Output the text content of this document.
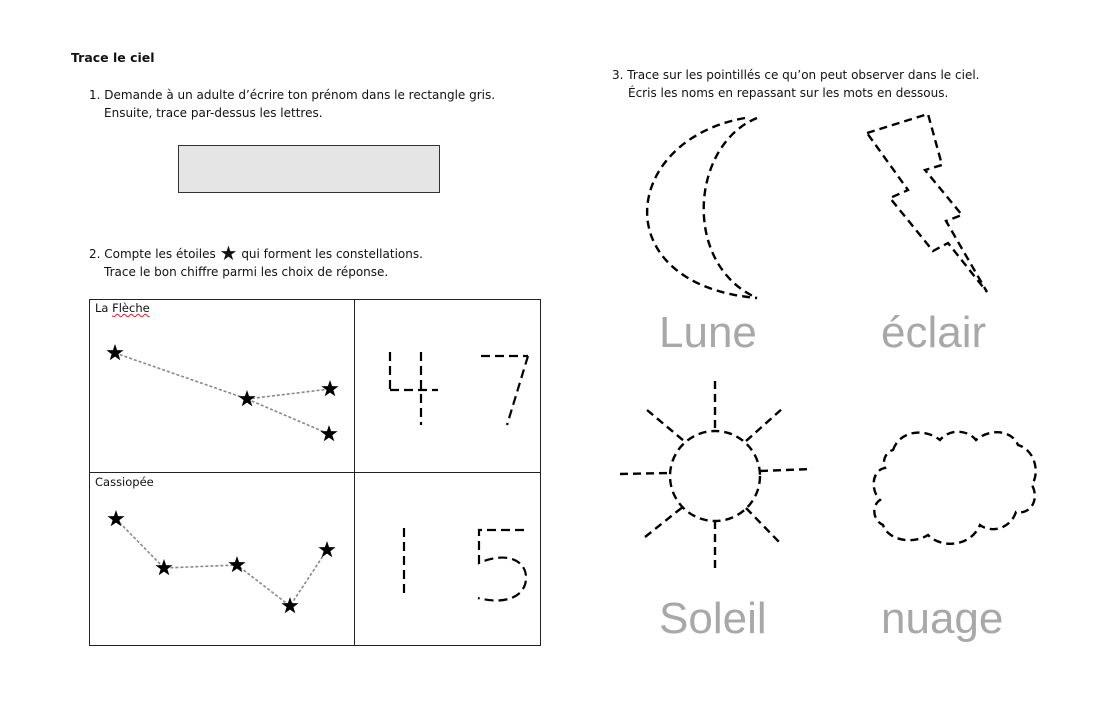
Trace le ciel
1. Demande à un adulte d’écrire ton prénom dans le rectangle gris.
Ensuite, trace par-dessus les lettres.
2. Compte les étoiles ★ qui forment les constellations.
Trace le bon chiffre parmi les choix de réponse.
La Flèche
Cassiopée
3. Trace sur les pointillés ce qu’on peut observer dans le ciel.
Écris les noms en repassant sur les mots en dessous.
Lune	éclair
Soleil	nuage
